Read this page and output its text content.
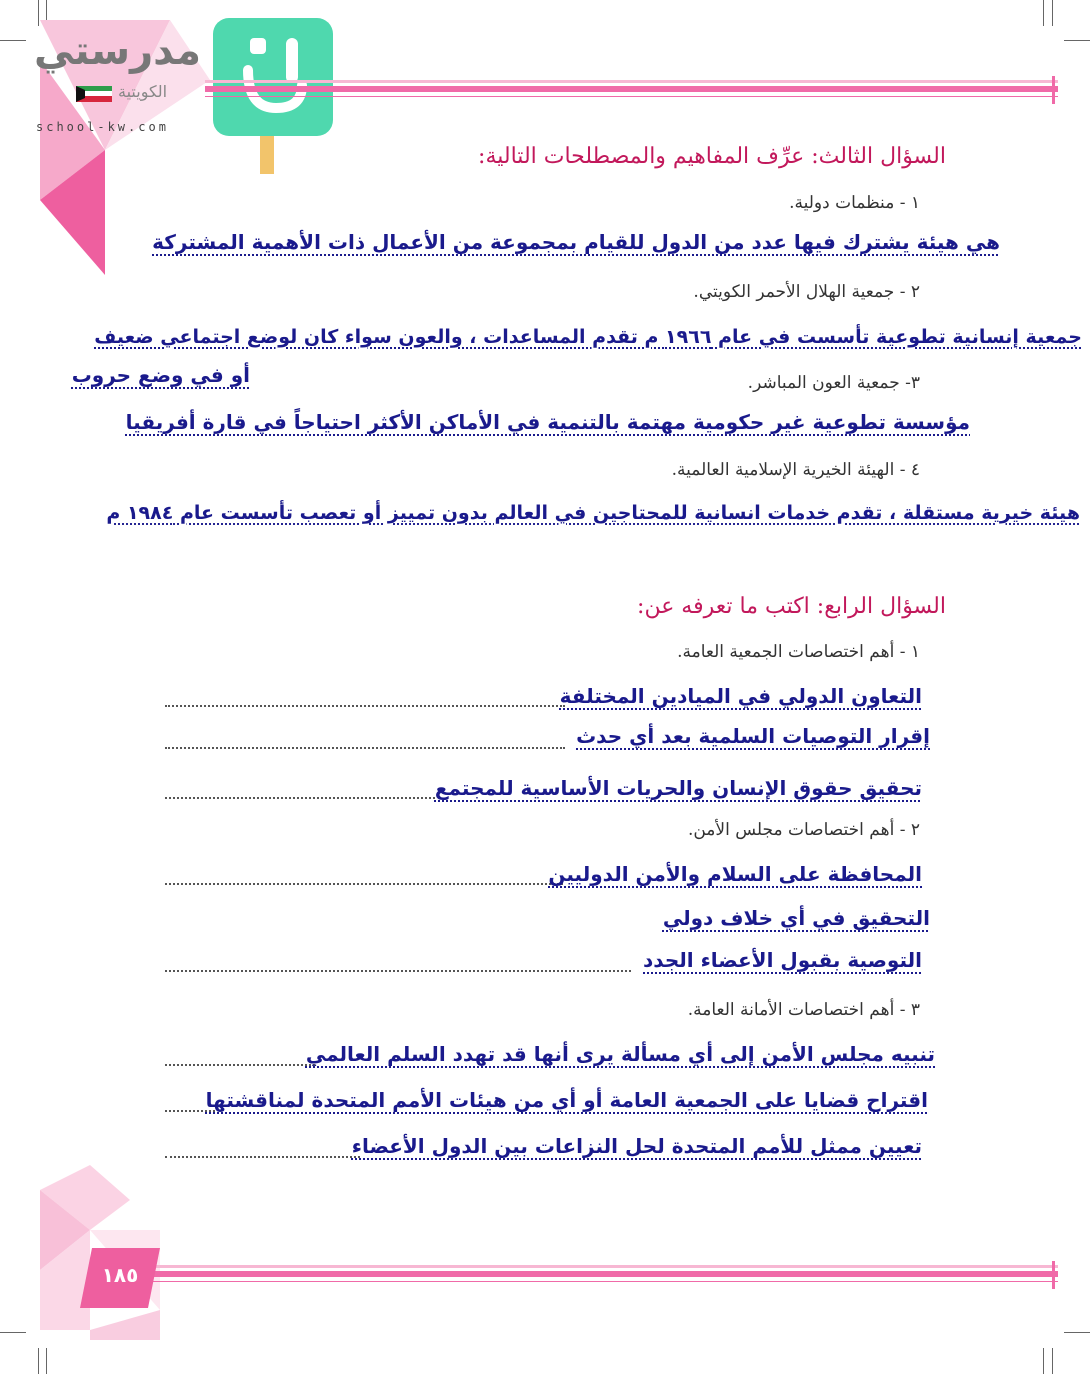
مدرستي
الكويتية
school-kw.com
السؤال الثالث: عرِّف المفاهيم والمصطلحات التالية:
١ - منظمات دولية.
هي هيئة يشترك فيها عدد من الدول للقيام بمجموعة من الأعمال ذات الأهمية المشتركة
٢ - جمعية الهلال الأحمر الكويتي.
جمعية إنسانية تطوعية تأسست في عام ١٩٦٦ م تقدم المساعدات ، والعون سواء كان لوضع اجتماعي ضعيف
أو في وضع حروب	٣- جمعية العون المباشر.
مؤسسة تطوعية غير حكومية مهتمة بالتنمية في الأماكن الأكثر احتياجاً في قارة أفريقيا
٤ - الهيئة الخيرية الإسلامية العالمية.
هيئة خيرية مستقلة ، تقدم خدمات انسانية للمحتاجين في العالم بدون تمييز أو تعصب تأسست عام ١٩٨٤ م
السؤال الرابع: اكتب ما تعرفه عن:
١ - أهم اختصاصات الجمعية العامة.
التعاون الدولي في الميادين المختلفة
إقرار التوصيات السلمية بعد أي حدث
تحقيق حقوق الإنسان والحريات الأساسية للمجتمع
٢ - أهم اختصاصات مجلس الأمن.
المحافظة على السلام والأمن الدوليين
التحقيق في أي خلاف دولي
التوصية بقبول الأعضاء الجدد
٣ - أهم اختصاصات الأمانة العامة.
تنبيه مجلس الأمن إلى أي مسألة يرى أنها قد تهدد السلم العالمي
اقتراح قضايا على الجمعية العامة أو أي من هيئات الأمم المتحدة لمناقشتها
تعيين ممثل للأمم المتحدة لحل النزاعات بين الدول الأعضاء
١٨٥
